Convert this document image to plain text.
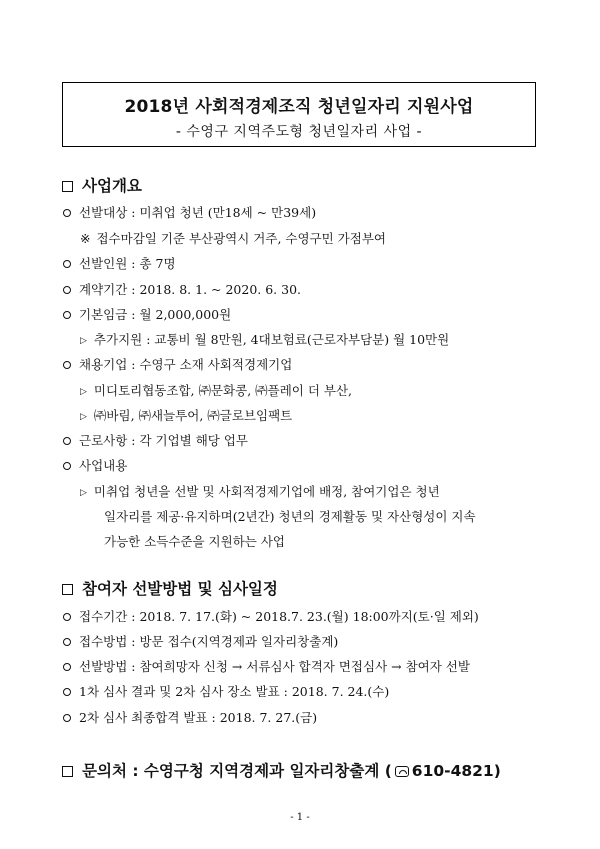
2018년 사회적경제조직 청년일자리 지원사업
- 수영구 지역주도형 청년일자리 사업 -
사업개요
선발대상 : 미취업 청년 (만18세 ~ 만39세)
※ 접수마감일 기준 부산광역시 거주, 수영구민 가점부여
선발인원 : 총 7명
계약기간 : 2018. 8. 1. ~ 2020. 6. 30.
기본임금 : 월 2,000,000원
▷ 추가지원 : 교통비 월 8만원, 4대보험료(근로자부담분) 월 10만원
채용기업 : 수영구 소재 사회적경제기업
▷ 미디토리협동조합, ㈜문화콩, ㈜플레이 더 부산,
▷ ㈜바림, ㈜새늘투어, ㈜글로브임팩트
근로사항 : 각 기업별 해당 업무
사업내용
▷ 미취업 청년을 선발 및 사회적경제기업에 배정, 참여기업은 청년
일자리를 제공·유지하며(2년간) 청년의 경제활동 및 자산형성이 지속
가능한 소득수준을 지원하는 사업
참여자 선발방법 및 심사일정
접수기간 : 2018. 7. 17.(화) ~ 2018.7. 23.(월) 18:00까지(토·일 제외)
접수방법 : 방문 접수(지역경제과 일자리창출계)
선발방법 : 참여희망자 신청 → 서류심사 합격자 면접심사 → 참여자 선발
1차 심사 결과 및 2차 심사 장소 발표 : 2018. 7. 24.(수)
2차 심사 최종합격 발표 : 2018. 7. 27.(금)
문의처 : 수영구청 지역경제과 일자리창출계 ( 610-4821)
- 1 -
